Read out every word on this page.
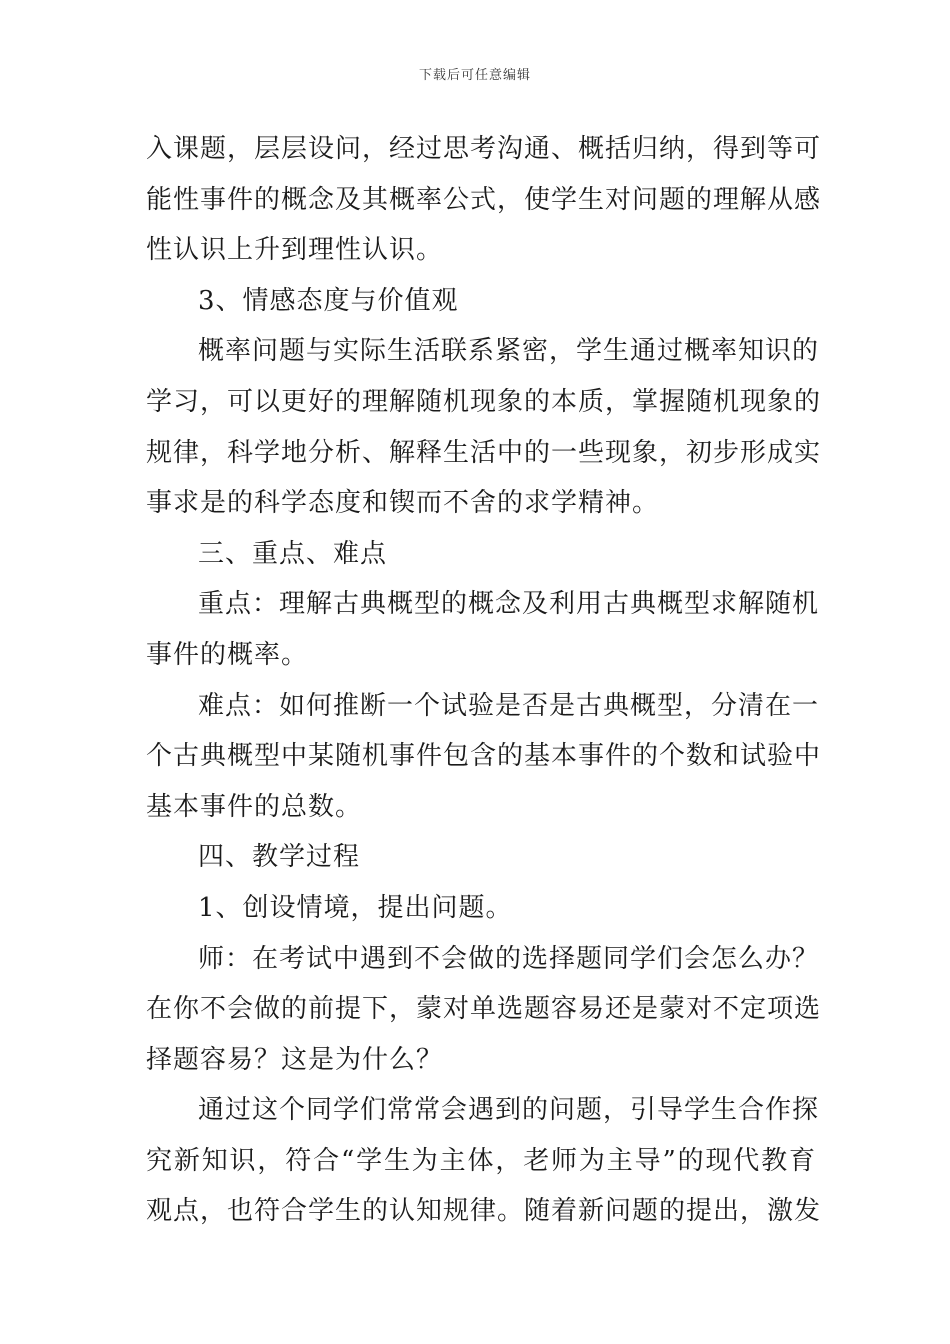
下载后可任意编辑
入课题，层层设问，经过思考沟通、概括归纳，得到等可
能性事件的概念及其概率公式，使学生对问题的理解从感
性认识上升到理性认识。
3、情感态度与价值观
概率问题与实际生活联系紧密，学生通过概率知识的
学习，可以更好的理解随机现象的本质，掌握随机现象的
规律，科学地分析、解释生活中的一些现象，初步形成实
事求是的科学态度和锲而不舍的求学精神。
三、重点、难点
重点：理解古典概型的概念及利用古典概型求解随机
事件的概率。
难点：如何推断一个试验是否是古典概型，分清在一
个古典概型中某随机事件包含的基本事件的个数和试验中
基本事件的总数。
四、教学过程
1、创设情境，提出问题。
师：在考试中遇到不会做的选择题同学们会怎么办？
在你不会做的前提下，蒙对单选题容易还是蒙对不定项选
择题容易？这是为什么？
通过这个同学们常常会遇到的问题，引导学生合作探
究新知识，符合“学生为主体，老师为主导”的现代教育
观点，也符合学生的认知规律。随着新问题的提出，激发
